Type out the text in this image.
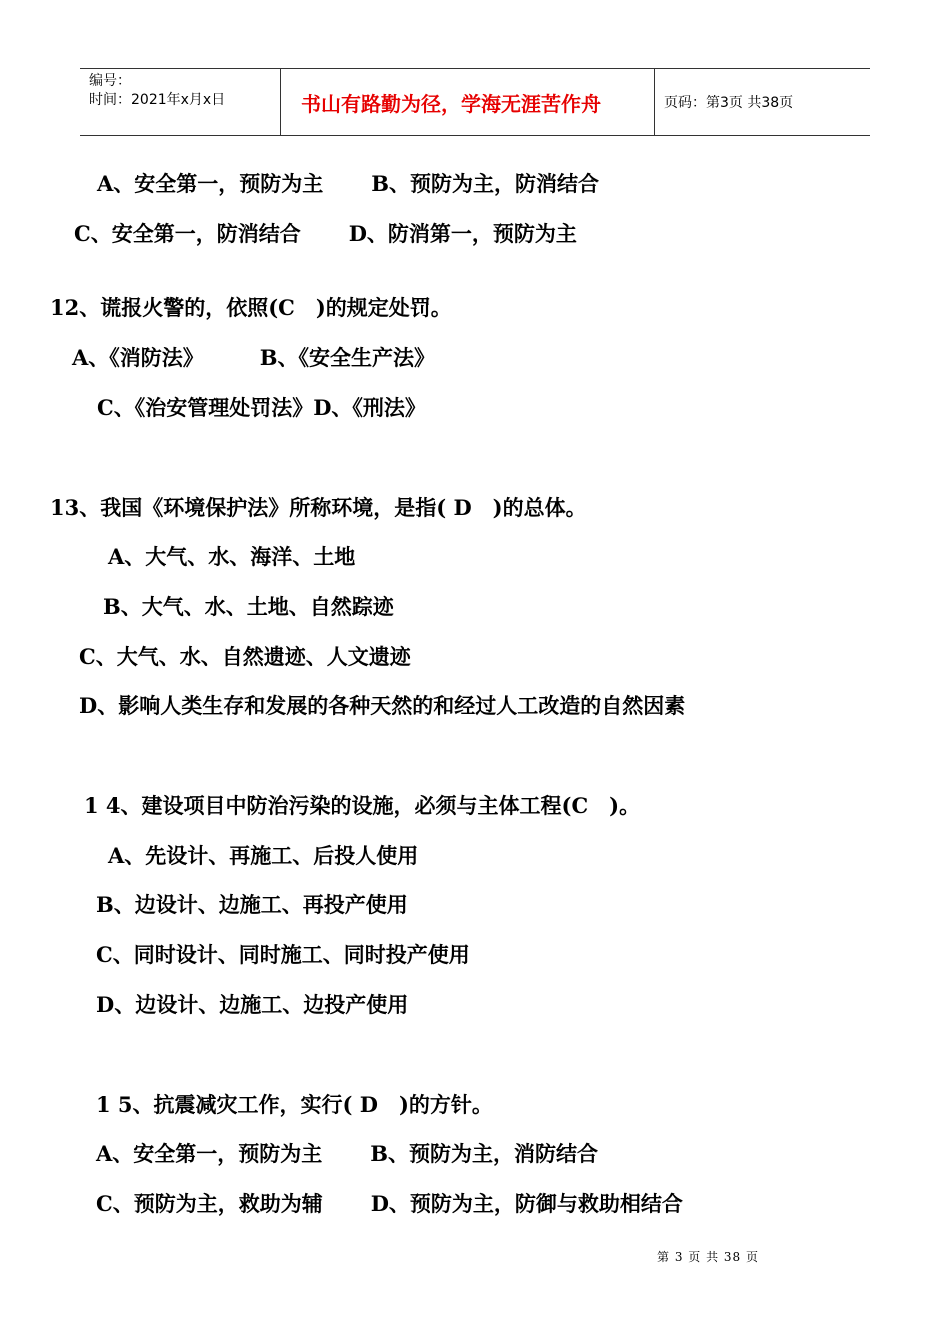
编号：
时间：2021年x月x日	书山有路勤为径，学海无涯苦作舟	页码：第3页 共38页
A、安全第一，预防为主 B、预防为主，防消结合
C、安全第一，防消结合 D、防消第一，预防为主
12、谎报火警的，依照(C　)的规定处罚。
A、《消防法》	B、《安全生产法》
C、《治安管理处罚法》D、《刑法》
13、我国《环境保护法》所称环境，是指( D　)的总体。
A、大气、水、海洋、土地
B、大气、水、土地、自然踪迹
C、大气、水、自然遗迹、人文遗迹
D、影响人类生存和发展的各种天然的和经过人工改造的自然因素
1 4、建设项目中防治污染的设施，必须与主体工程(C　)。
A、先设计、再施工、后投人使用
B、边设计、边施工、再投产使用
C、同时设计、同时施工、同时投产使用
D、边设计、边施工、边投产使用
1 5、抗震减灾工作，实行( D　)的方针。
A、安全第一，预防为主 B、预防为主，消防结合
C、预防为主，救助为辅 D、预防为主，防御与救助相结合
第 3 页 共 38 页
